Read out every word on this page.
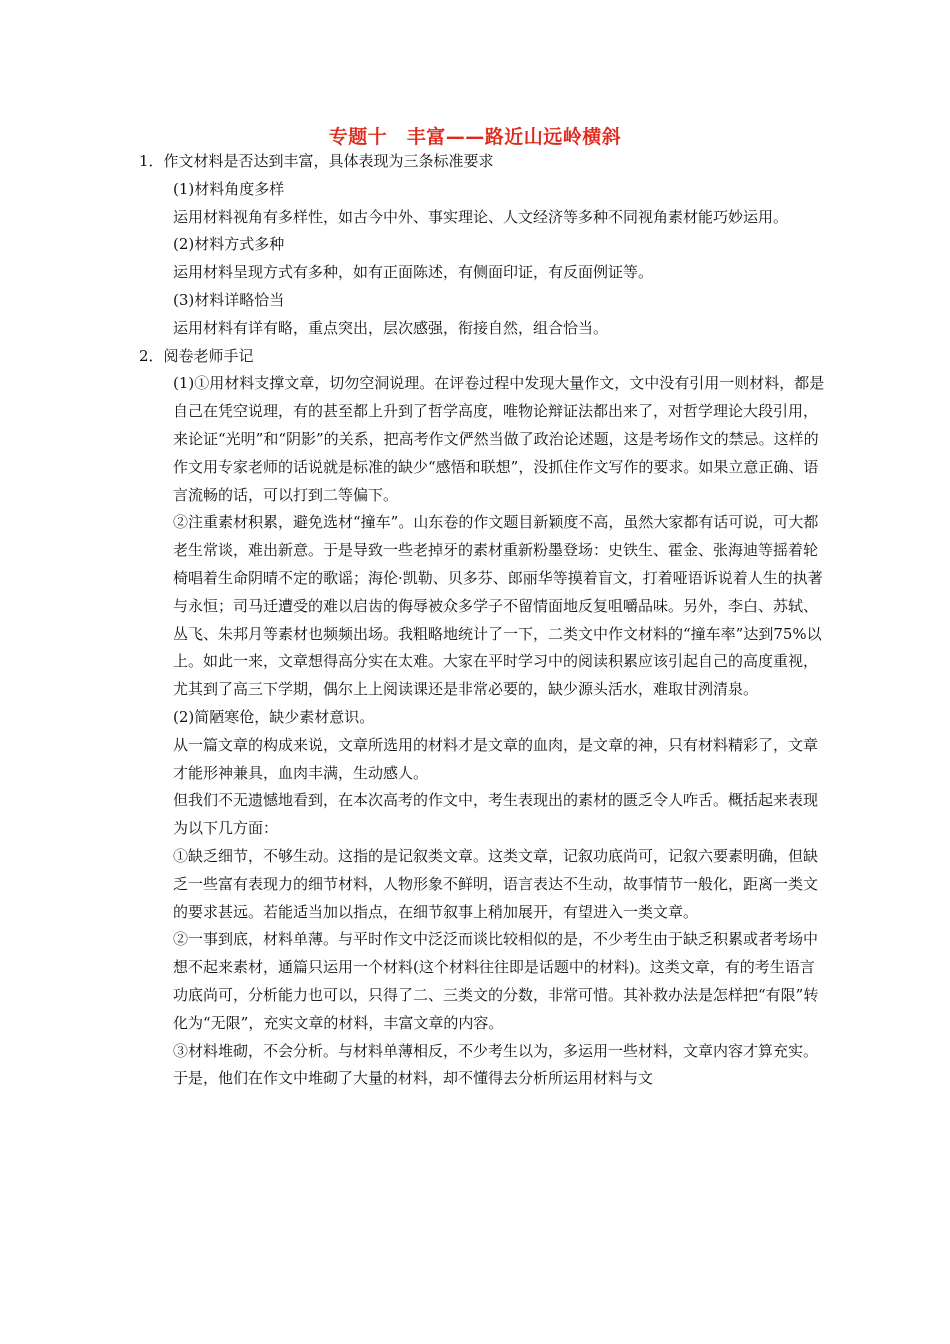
专题十　丰富——路近山远岭横斜

1．作文材料是否达到丰富，具体表现为三条标准要求

(1)材料角度多样

运用材料视角有多样性，如古今中外、事实理论、人文经济等多种不同视角素材能巧妙运用。

(2)材料方式多种

运用材料呈现方式有多种，如有正面陈述，有侧面印证，有反面例证等。

(3)材料详略恰当

运用材料有详有略，重点突出，层次感强，衔接自然，组合恰当。

2．阅卷老师手记

(1)①用材料支撑文章，切勿空洞说理。在评卷过程中发现大量作文，文中没有引用一则材料，都是自己在凭空说理，有的甚至都上升到了哲学高度，唯物论辩证法都出来了，对哲学理论大段引用，来论证“光明”和“阴影”的关系，把高考作文俨然当做了政治论述题，这是考场作文的禁忌。这样的作文用专家老师的话说就是标准的缺少“感悟和联想”，没抓住作文写作的要求。如果立意正确、语言流畅的话，可以打到二等偏下。

②注重素材积累，避免选材“撞车”。山东卷的作文题目新颖度不高，虽然大家都有话可说，可大都老生常谈，难出新意。于是导致一些老掉牙的素材重新粉墨登场：史铁生、霍金、张海迪等摇着轮椅唱着生命阴晴不定的歌谣；海伦·凯勒、贝多芬、郎丽华等摸着盲文，打着哑语诉说着人生的执著与永恒；司马迁遭受的难以启齿的侮辱被众多学子不留情面地反复咀嚼品味。另外，李白、苏轼、丛飞、朱邦月等素材也频频出场。我粗略地统计了一下，二类文中作文材料的“撞车率”达到75%以上。如此一来，文章想得高分实在太难。大家在平时学习中的阅读积累应该引起自己的高度重视，尤其到了高三下学期，偶尔上上阅读课还是非常必要的，缺少源头活水，难取甘洌清泉。

(2)简陋寒伧，缺少素材意识。

从一篇文章的构成来说，文章所选用的材料才是文章的血肉，是文章的神，只有材料精彩了，文章才能形神兼具，血肉丰满，生动感人。

但我们不无遗憾地看到，在本次高考的作文中，考生表现出的素材的匮乏令人咋舌。概括起来表现为以下几方面：

①缺乏细节，不够生动。这指的是记叙类文章。这类文章，记叙功底尚可，记叙六要素明确，但缺乏一些富有表现力的细节材料，人物形象不鲜明，语言表达不生动，故事情节一般化，距离一类文的要求甚远。若能适当加以指点，在细节叙事上稍加展开，有望进入一类文章。

②一事到底，材料单薄。与平时作文中泛泛而谈比较相似的是，不少考生由于缺乏积累或者考场中想不起来素材，通篇只运用一个材料(这个材料往往即是话题中的材料)。这类文章，有的考生语言功底尚可，分析能力也可以，只得了二、三类文的分数，非常可惜。其补救办法是怎样把“有限”转化为“无限”，充实文章的材料，丰富文章的内容。

③材料堆砌，不会分析。与材料单薄相反，不少考生以为，多运用一些材料，文章内容才算充实。于是，他们在作文中堆砌了大量的材料，却不懂得去分析所运用材料与文
